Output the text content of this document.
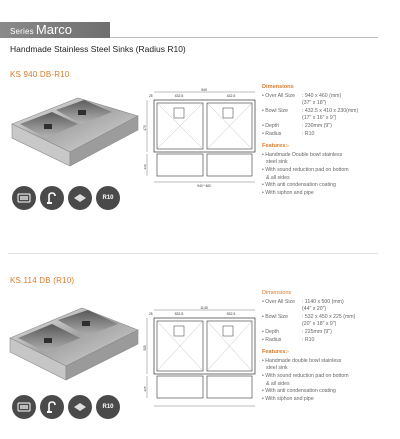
Series Marco
Handmade Stainless Steel Sinks (Radius R10)
KS 940 DB-R10
R10
940
432.5	432.5
25
470
230
940 * 460
Dimensions
• Over All Size	: 940 x 460 (mm)
(37" x 18")
• Bowl Size	: 432.5 x 410 x 230(mm)
(17" x 16" x 9")
• Depth	: 230mm (9")
• Radius	: R10
Features:-
• Handmade Double bowl stainless
steel sink
• With sound reduction pad on bottom
& all sides
• With anti condensation coating
• With siphon and pipe
KS 114 DB (R10)
R10
1140
532.5	532.5
25
500
225
Dimensions
• Over All Size	: 1140 x 500 (mm)
(44" x 20")
• Bowl Size	: 532 x 450 x 225 (mm)
(20" x 18" x 9")
• Depth	: 225mm (9")
• Radius	: R10
Features:-
• Handmade double bowl stainless
steel sink
• With sound reduction pad on bottom
& all sides
• With anti condensation coating
• With siphon and pipe
